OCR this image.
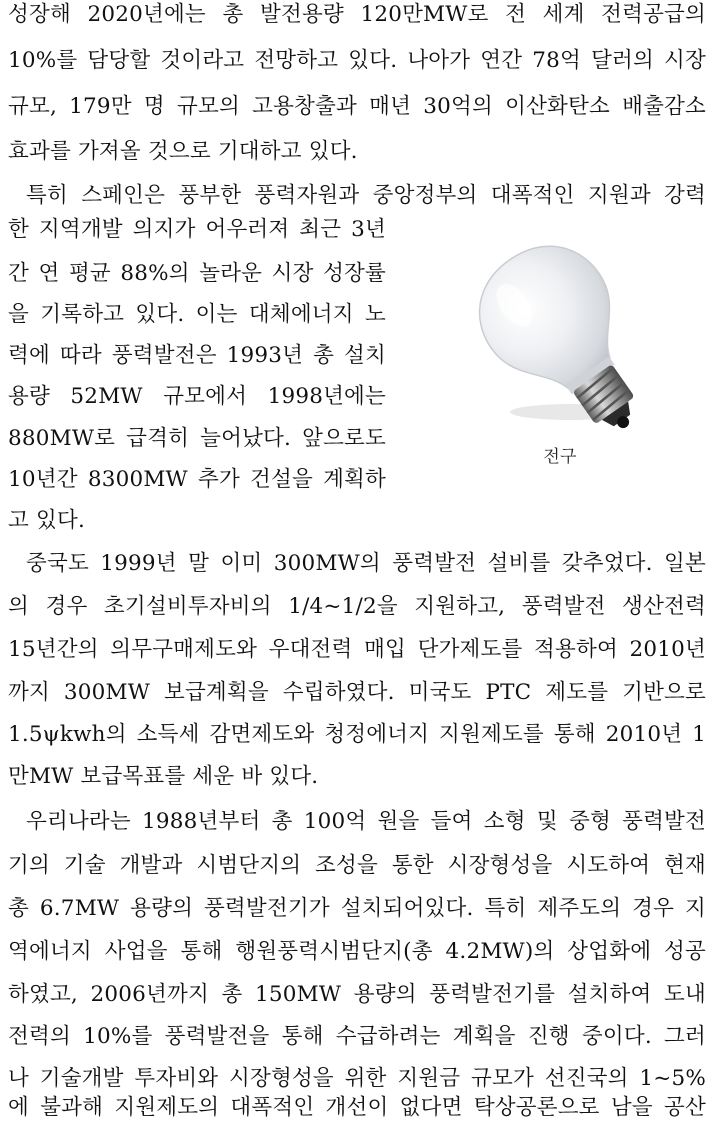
성장해 2020년에는 총 발전용량 120만MW로 전 세계 전력공급의
10%를 담당할 것이라고 전망하고 있다. 나아가 연간 78억 달러의 시장
규모, 179만 명 규모의 고용창출과 매년 30억의 이산화탄소 배출감소
효과를 가져올 것으로 기대하고 있다.
특히 스페인은 풍부한 풍력자원과 중앙정부의 대폭적인 지원과 강력
한 지역개발 의지가 어우러져 최근 3년
간 연 평균 88%의 놀라운 시장 성장률
을 기록하고 있다. 이는 대체에너지 노
력에 따라 풍력발전은 1993년 총 설치
용량 52MW 규모에서 1998년에는
880MW로 급격히 늘어났다. 앞으로도
10년간 8300MW 추가 건설을 계획하
고 있다.
전구
중국도 1999년 말 이미 300MW의 풍력발전 설비를 갖추었다. 일본
의 경우 초기설비투자비의 1/4~1/2을 지원하고, 풍력발전 생산전력
15년간의 의무구매제도와 우대전력 매입 단가제도를 적용하여 2010년
까지 300MW 보급계획을 수립하였다. 미국도 PTC 제도를 기반으로
1.5ψkwh의 소득세 감면제도와 청정에너지 지원제도를 통해 2010년 1
만MW 보급목표를 세운 바 있다.
우리나라는 1988년부터 총 100억 원을 들여 소형 및 중형 풍력발전
기의 기술 개발과 시범단지의 조성을 통한 시장형성을 시도하여 현재
총 6.7MW 용량의 풍력발전기가 설치되어있다. 특히 제주도의 경우 지
역에너지 사업을 통해 행원풍력시범단지(총 4.2MW)의 상업화에 성공
하였고, 2006년까지 총 150MW 용량의 풍력발전기를 설치하여 도내
전력의 10%를 풍력발전을 통해 수급하려는 계획을 진행 중이다. 그러
나 기술개발 투자비와 시장형성을 위한 지원금 규모가 선진국의 1~5%
에 불과해 지원제도의 대폭적인 개선이 없다면 탁상공론으로 남을 공산
